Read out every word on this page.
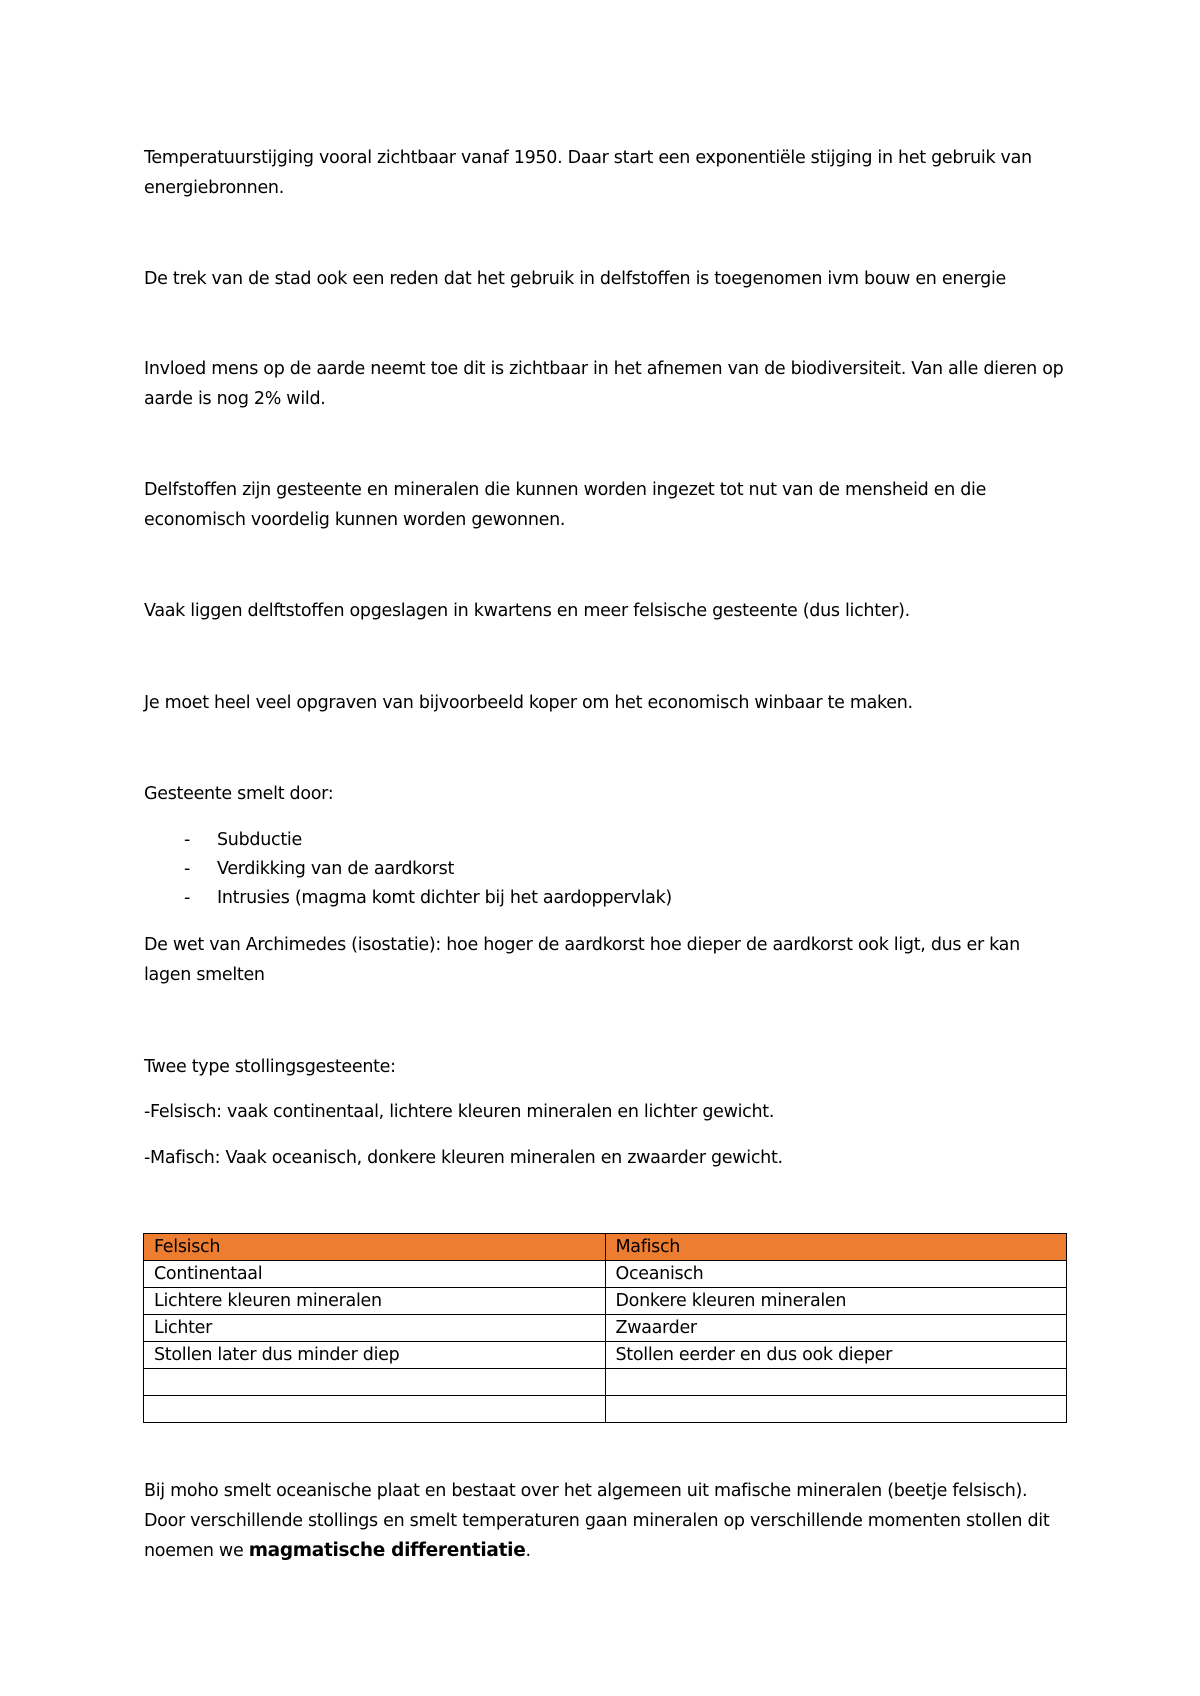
Temperatuurstijging vooral zichtbaar vanaf 1950. Daar start een exponentiële stijging in het gebruik van energiebronnen.

De trek van de stad ook een reden dat het gebruik in delfstoffen is toegenomen ivm bouw en energie

Invloed mens op de aarde neemt toe dit is zichtbaar in het afnemen van de biodiversiteit. Van alle dieren op aarde is nog 2% wild.

Delfstoffen zijn gesteente en mineralen die kunnen worden ingezet tot nut van de mensheid en die economisch voordelig kunnen worden gewonnen.

Vaak liggen delftstoffen opgeslagen in kwartens en meer felsische gesteente (dus lichter).

Je moet heel veel opgraven van bijvoorbeeld koper om het economisch winbaar te maken.

Gesteente smelt door:

- Subductie
- Verdikking van de aardkorst
- Intrusies (magma komt dichter bij het aardoppervlak)

De wet van Archimedes (isostatie): hoe hoger de aardkorst hoe dieper de aardkorst ook ligt, dus er kan lagen smelten

Twee type stollingsgesteente:

-Felsisch: vaak continentaal, lichtere kleuren mineralen en lichter gewicht.

-Mafisch: Vaak oceanisch, donkere kleuren mineralen en zwaarder gewicht.

Felsisch	Mafisch
Continentaal	Oceanisch
Lichtere kleuren mineralen	Donkere kleuren mineralen
Lichter	Zwaarder
Stollen later dus minder diep	Stollen eerder en dus ook dieper

Bij moho smelt oceanische plaat en bestaat over het algemeen uit mafische mineralen (beetje felsisch). Door verschillende stollings en smelt temperaturen gaan mineralen op verschillende momenten stollen dit noemen we magmatische differentiatie.
